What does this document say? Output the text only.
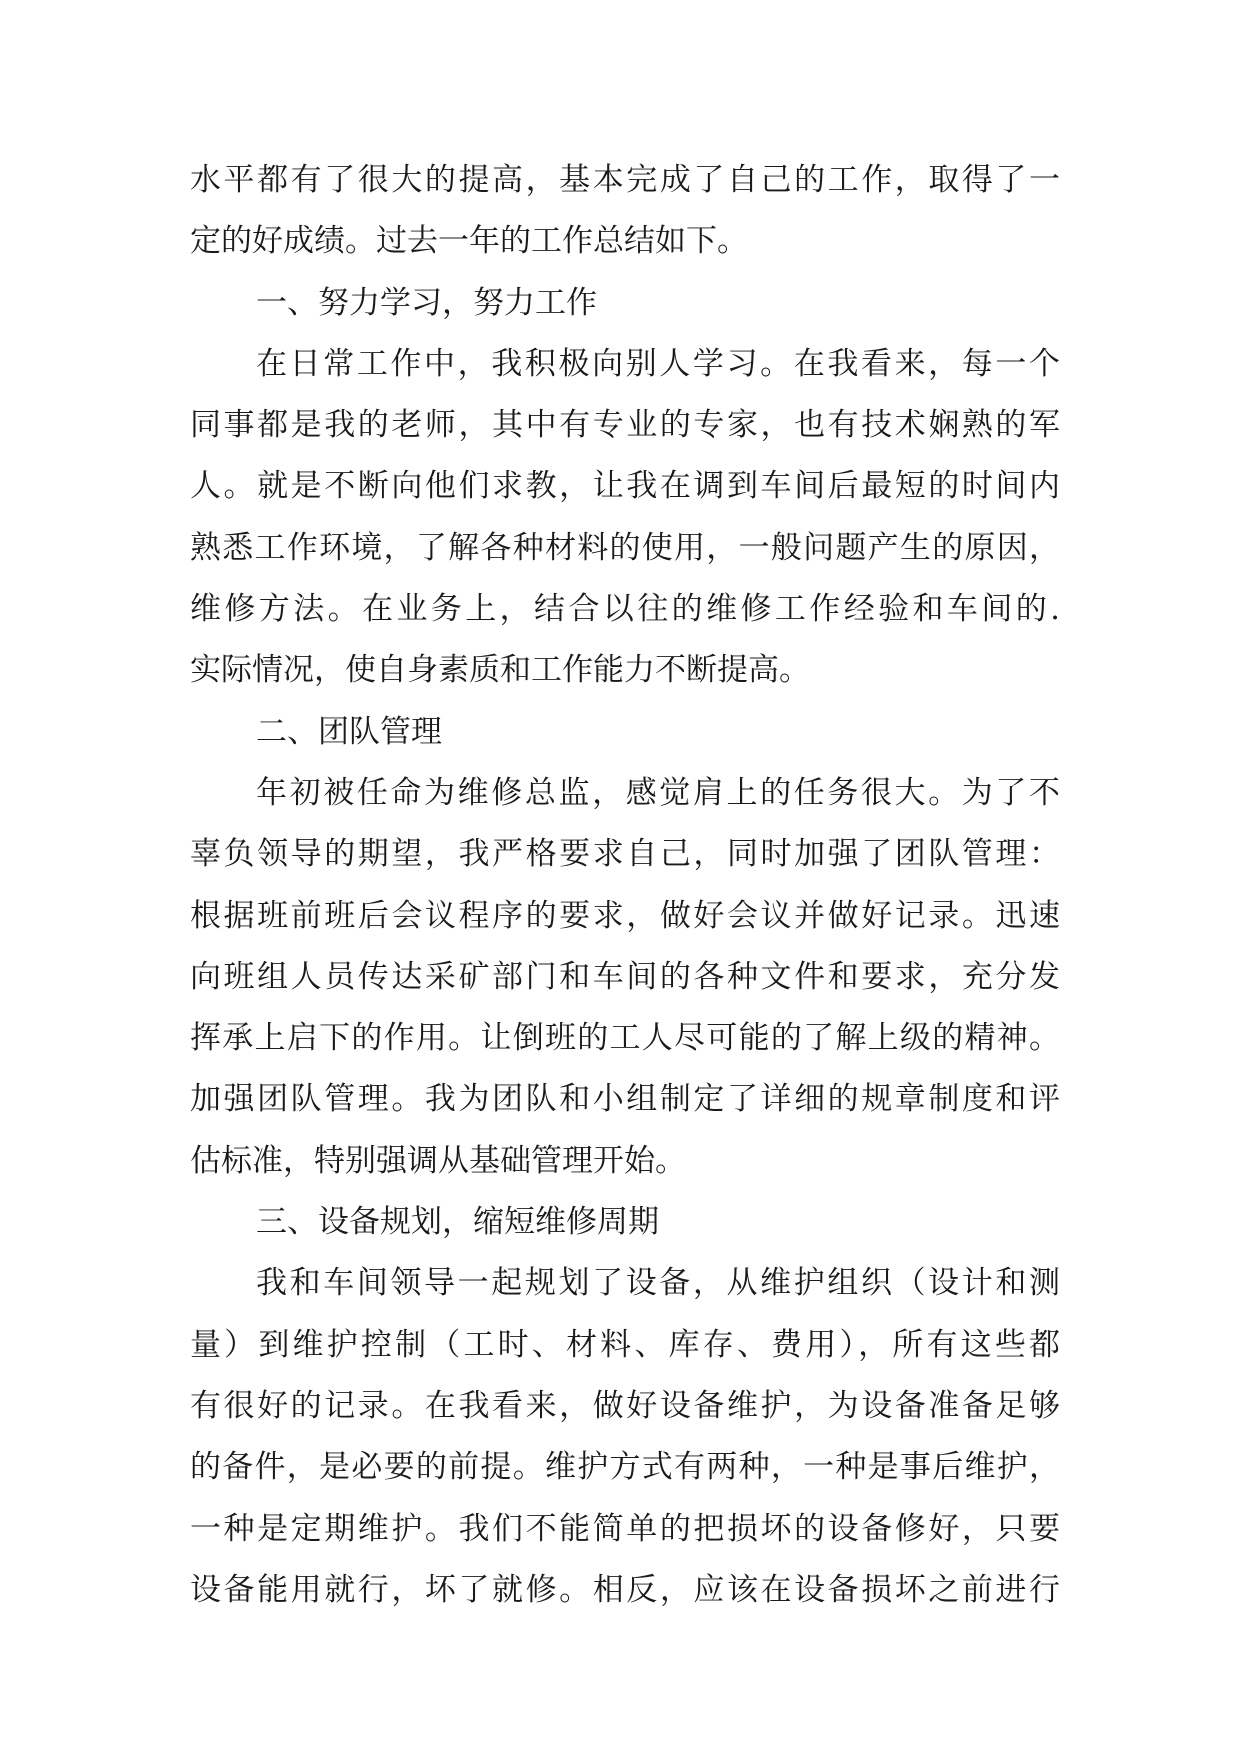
水平都有了很大的提高，基本完成了自己的工作，取得了一
定的好成绩。过去一年的工作总结如下。
一、努力学习，努力工作
在日常工作中，我积极向别人学习。在我看来，每一个
同事都是我的老师，其中有专业的专家，也有技术娴熟的军
人。就是不断向他们求教，让我在调到车间后最短的时间内
熟悉工作环境，了解各种材料的使用，一般问题产生的原因，
维修方法。在业务上，结合以往的维修工作经验和车间的.
实际情况，使自身素质和工作能力不断提高。
二、团队管理
年初被任命为维修总监，感觉肩上的任务很大。为了不
辜负领导的期望，我严格要求自己，同时加强了团队管理：
根据班前班后会议程序的要求，做好会议并做好记录。迅速
向班组人员传达采矿部门和车间的各种文件和要求，充分发
挥承上启下的作用。让倒班的工人尽可能的了解上级的精神。
加强团队管理。我为团队和小组制定了详细的规章制度和评
估标准，特别强调从基础管理开始。
三、设备规划，缩短维修周期
我和车间领导一起规划了设备，从维护组织（设计和测
量）到维护控制（工时、材料、库存、费用），所有这些都
有很好的记录。在我看来，做好设备维护，为设备准备足够
的备件，是必要的前提。维护方式有两种，一种是事后维护，
一种是定期维护。我们不能简单的把损坏的设备修好，只要
设备能用就行，坏了就修。相反，应该在设备损坏之前进行
